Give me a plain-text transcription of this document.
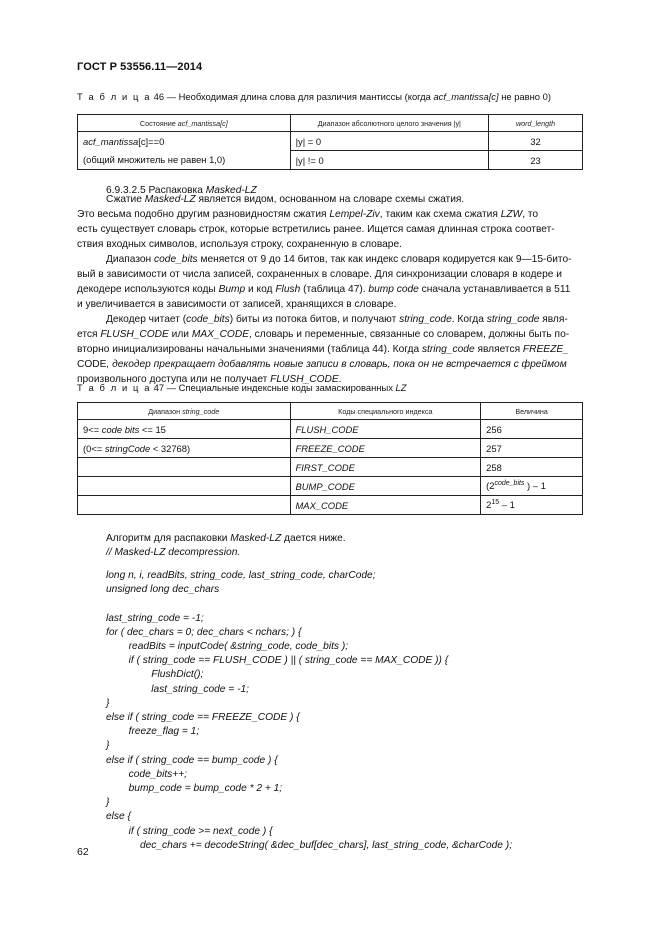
ГОСТ Р 53556.11—2014
Т а б л и ц а 46 — Необходимая длина слова для различия мантиссы (когда acf_mantissa[c] не равно 0)
Состояние acf_mantissa[c]	Диапазон абсолютного целого значения |y|	word_length
acf_mantissa[c]==0	|y| = 0	32
(общий множитель не равен 1,0)	|y| != 0	23
6.9.3.2.5 Распаковка Masked-LZ
Сжатие Masked-LZ является видом, основанном на словаре схемы сжатия.
Это весьма подобно другим разновидностям сжатия Lempel-Ziv, таким как схема сжатия LZW, то
есть существует словарь строк, которые встретились ранее. Ищется самая длинная строка соответ-
ствия входных символов, используя строку, сохраненную в словаре.
Диапазон code_bits меняется от 9 до 14 битов, так как индекс словаря кодируется как 9—15-бито-
вый в зависимости от числа записей, сохраненных в словаре. Для синхронизации словаря в кодере и
декодере используются коды Bump и код Flush (таблица 47). bump code сначала устанавливается в 511
и увеличивается в зависимости от записей, хранящихся в словаре.
Декодер читает (code_bits) биты из потока битов, и получают string_code. Когда string_code явля-
ется FLUSH_CODE или MAX_CODE, словарь и переменные, связанные со словарем, должны быть по-
вторно инициализированы начальными значениями (таблица 44). Когда string_code является FREEZE_
CODE, декодер прекращает добавлять новые записи в словарь, пока он не встречается с фреймом
произвольного доступа или не получает FLUSH_CODE.
Т а б л и ц а 47 — Специальные индексные коды замаскированных LZ
Диапазон string_code	Коды специального индекса	Величина
9<= code bits <= 15	FLUSH_CODE	256
(0<= stringCode < 32768)	FREEZE_CODE	257
	FIRST_CODE	258
	BUMP_CODE	($2^{code\_bits}$ ) – 1
	MAX_CODE	$2^{15} - 1$
Алгоритм для распаковки Masked-LZ дается ниже.
// Masked-LZ decompression.
long n, i, readBits, string_code, last_string_code, charCode;
unsigned long dec_chars

last_string_code = -1;
for ( dec_chars = 0; dec_chars < nchars; ) {
readBits = inputCode( &string_code, code_bits );
if ( string_code == FLUSH_CODE ) || ( string_code == MAX_CODE )) {
FlushDict();
last_string_code = -1;
}
else if ( string_code == FREEZE_CODE ) {
freeze_flag = 1;
}
else if ( string_code == bump_code ) {
code_bits++;
bump_code = bump_code * 2 + 1;
}
else {
if ( string_code >= next_code ) {
dec_chars += decodeString( &dec_buf[dec_chars], last_string_code, &charCode );
62
